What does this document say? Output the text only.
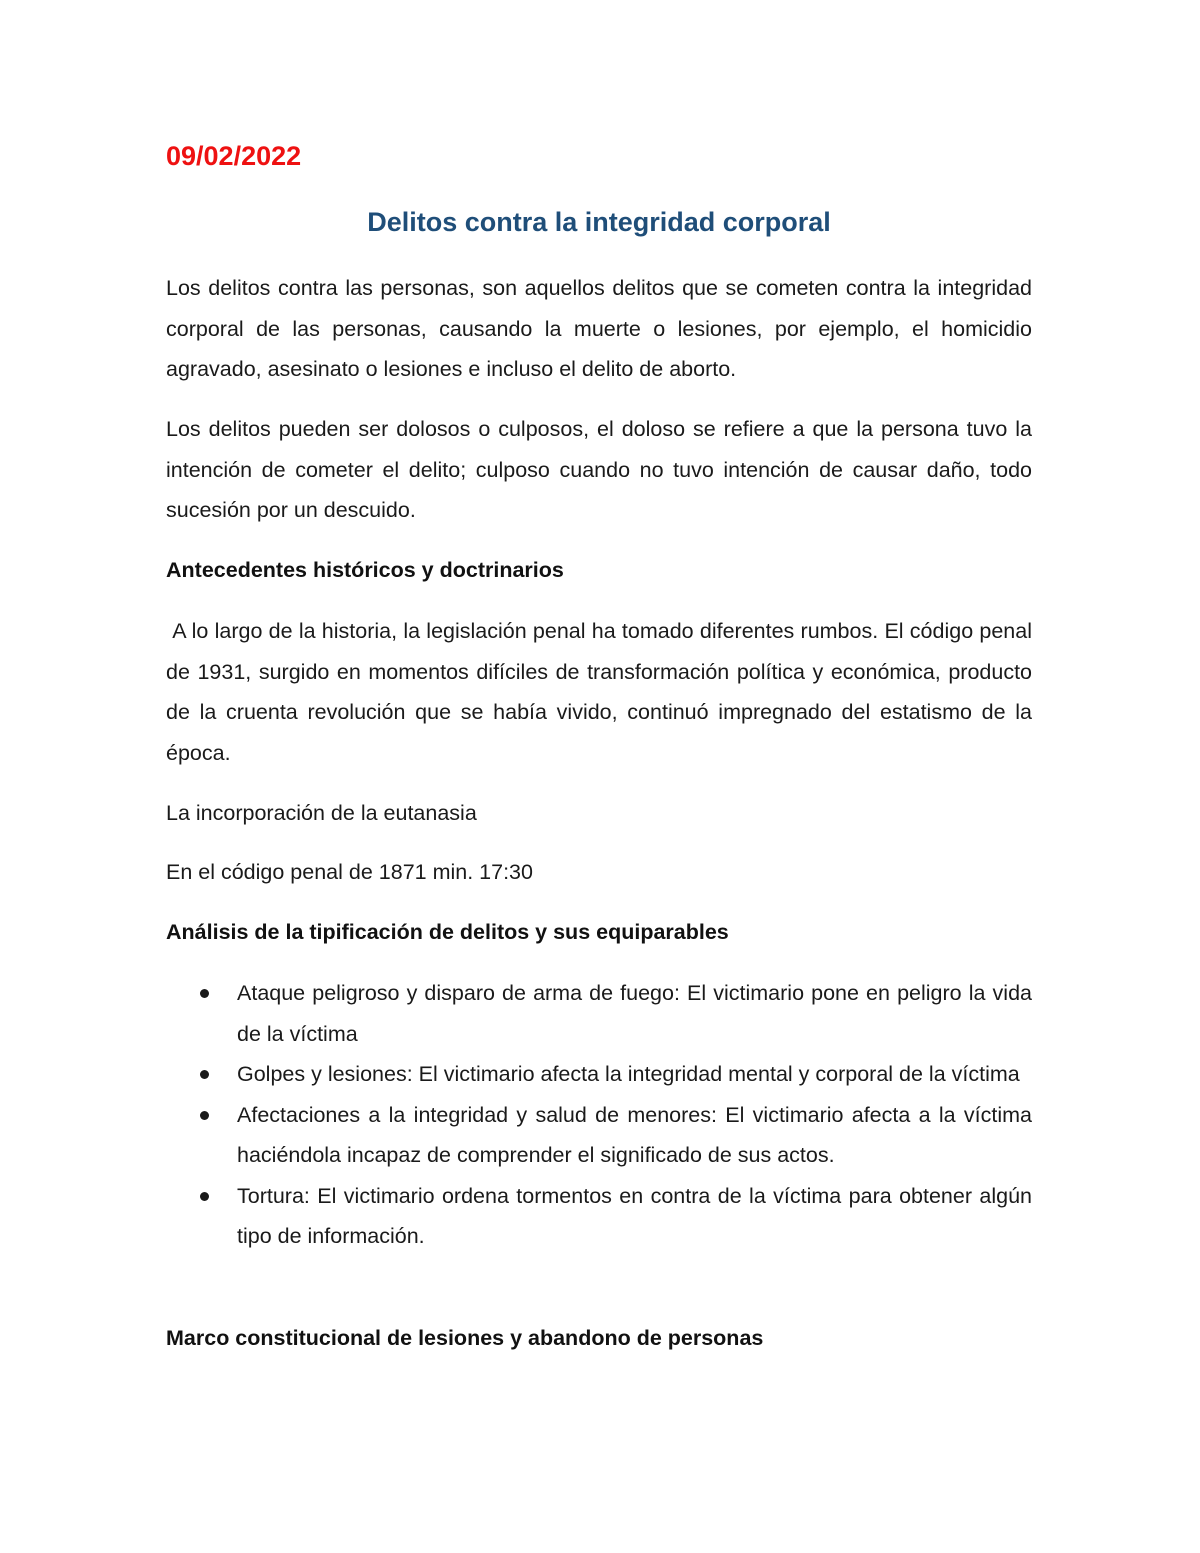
09/02/2022
Delitos contra la integridad corporal

Los delitos contra las personas, son aquellos delitos que se cometen contra la integridad corporal de las personas, causando la muerte o lesiones, por ejemplo, el homicidio agravado, asesinato o lesiones e incluso el delito de aborto.

Los delitos pueden ser dolosos o culposos, el doloso se refiere a que la persona tuvo la intención de cometer el delito; culposo cuando no tuvo intención de causar daño, todo sucesión por un descuido.

Antecedentes históricos y doctrinarios

A lo largo de la historia, la legislación penal ha tomado diferentes rumbos. El código penal de 1931, surgido en momentos difíciles de transformación política y económica, producto de la cruenta revolución que se había vivido, continuó impregnado del estatismo de la época.

La incorporación de la eutanasia

En el código penal de 1871 min. 17:30

Análisis de la tipificación de delitos y sus equiparables
Ataque peligroso y disparo de arma de fuego: El victimario pone en peligro la vida de la víctima
Golpes y lesiones: El victimario afecta la integridad mental y corporal de la víctima
Afectaciones a la integridad y salud de menores: El victimario afecta a la víctima haciéndola incapaz de comprender el significado de sus actos.
Tortura: El victimario ordena tormentos en contra de la víctima para obtener algún tipo de información.
Marco constitucional de lesiones y abandono de personas
